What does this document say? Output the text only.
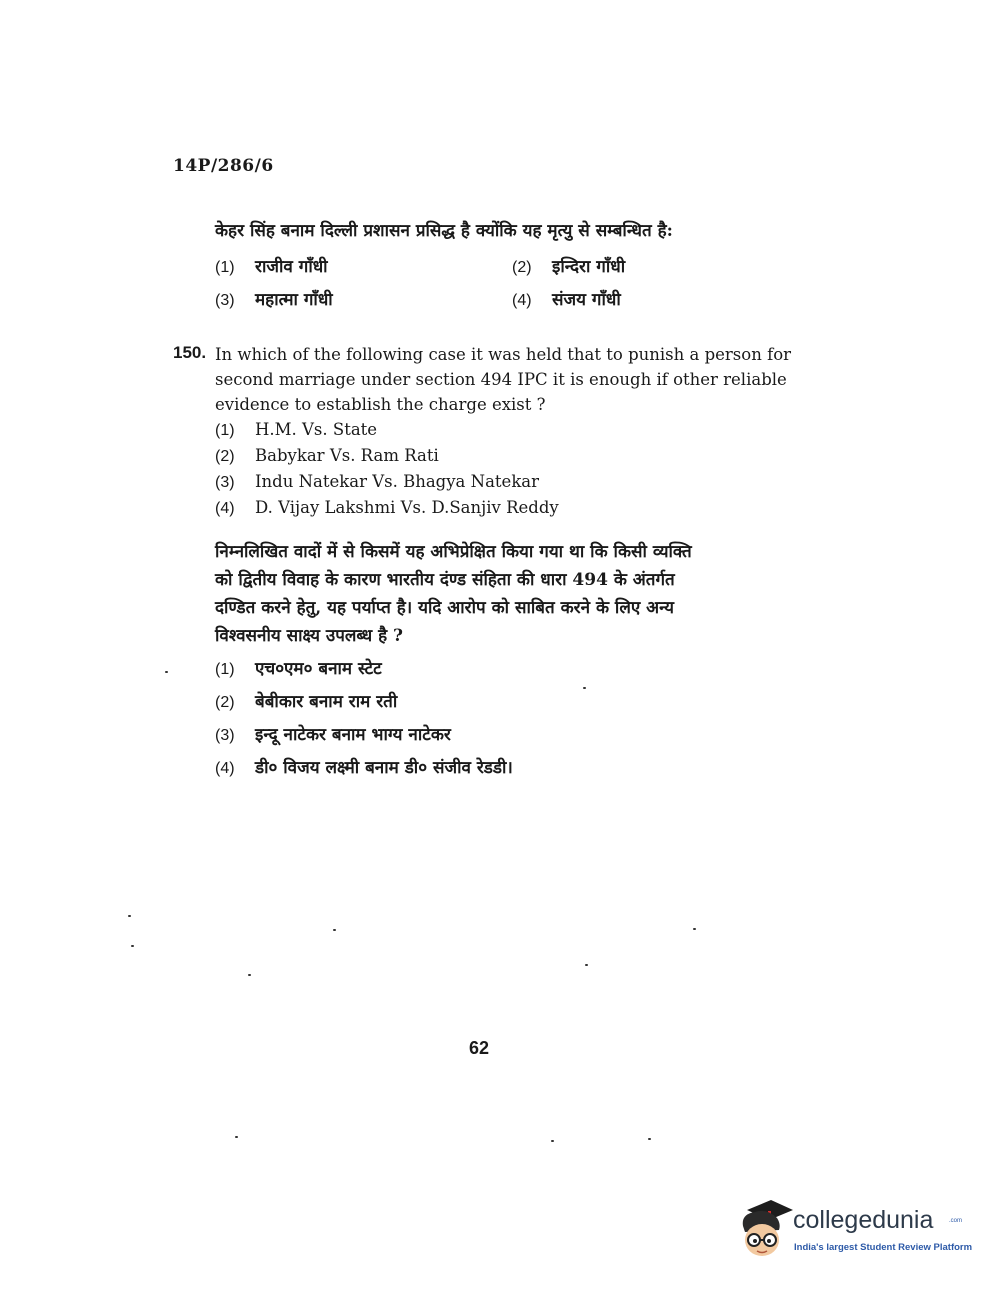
14P/286/6
केहर सिंह बनाम दिल्ली प्रशासन प्रसिद्ध है क्योंकि यह मृत्यु से सम्बन्धित है:
(1) राजीव गाँधी	(2) इन्दिरा गाँधी
(3) महात्मा गाँधी	(4) संजय गाँधी
150. In which of the following case it was held that to punish a person for
second marriage under section 494 IPC it is enough if other reliable
evidence to establish the charge exist ?
(1) H.M. Vs. State
(2) Babykar Vs. Ram Rati
(3) Indu Natekar Vs. Bhagya Natekar
(4) D. Vijay Lakshmi Vs. D.Sanjiv Reddy
निम्नलिखित वादों में से किसमें यह अभिप्रेक्षित किया गया था कि किसी व्यक्ति
को द्वितीय विवाह के कारण भारतीय दंण्ड संहिता की धारा 494 के अंतर्गत
दण्डित करने हेतु, यह पर्याप्त है। यदि आरोप को साबित करने के लिए अन्य
विश्वसनीय साक्ष्य उपलब्ध है ?
(1) एच०एम० बनाम स्टेट
(2) बेबीकार बनाम राम रती
(3) इन्दू नाटेकर बनाम भाग्य नाटेकर
(4) डी० विजय लक्ष्मी बनाम डी० संजीव रेडडी।
62
collegedunia	.com
India's largest Student Review Platform
